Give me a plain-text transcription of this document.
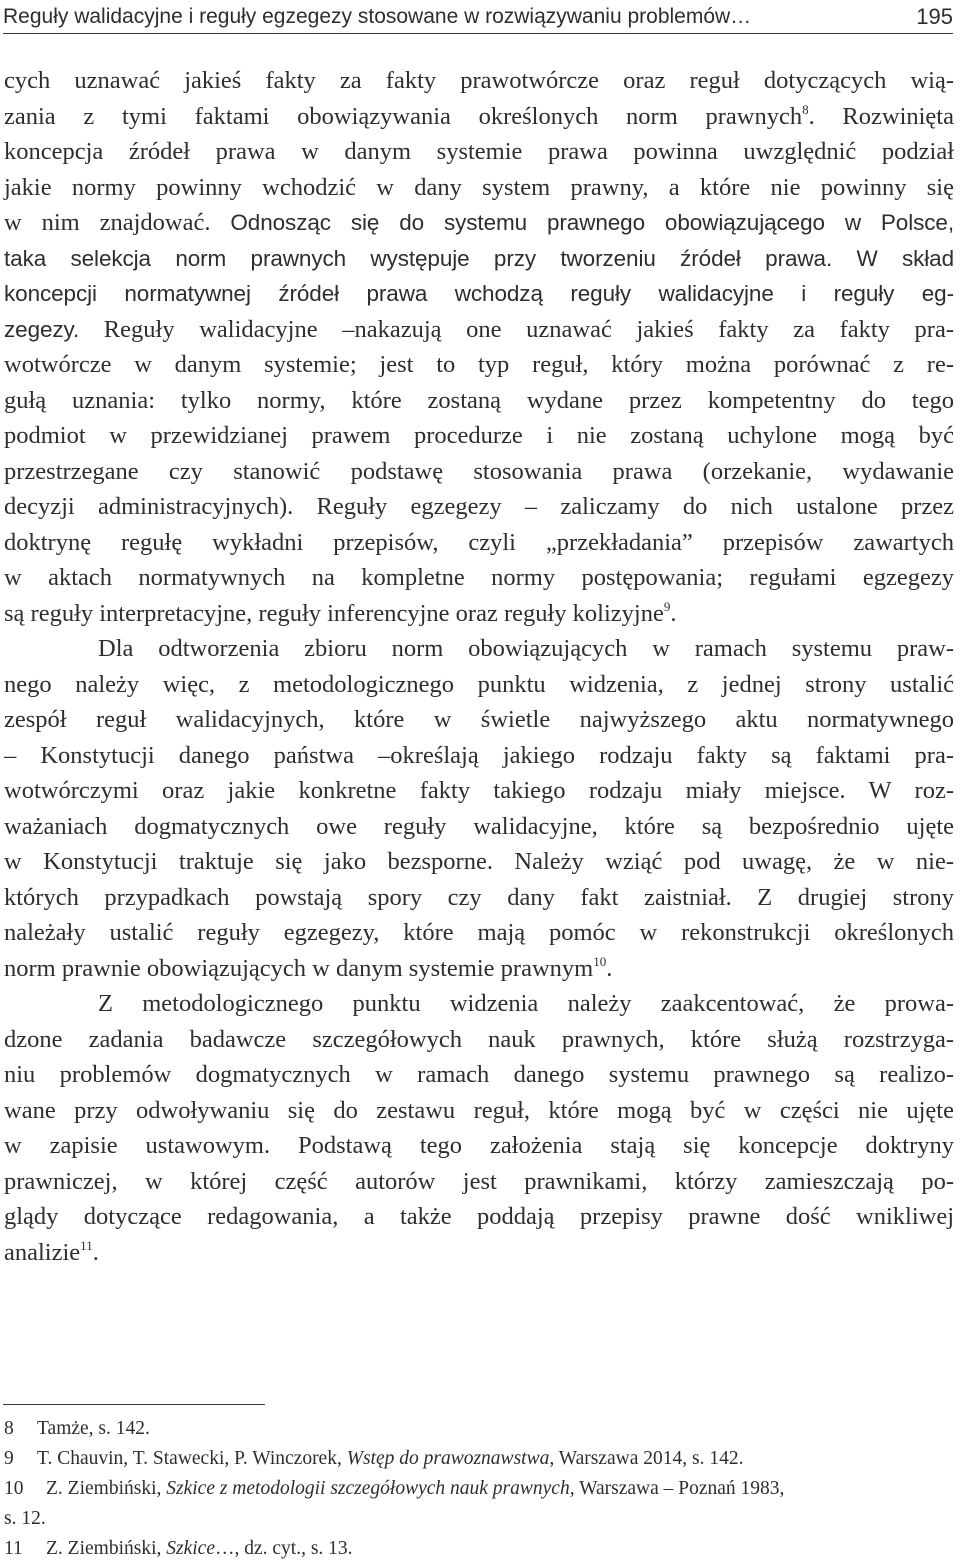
Reguły walidacyjne i reguły egzegezy stosowane w rozwiązywaniu problemów…	195

cych uznawać jakieś fakty za fakty prawotwórcze oraz reguł dotyczących wią-
zania z tymi faktami obowiązywania określonych norm prawnych$^8$. Rozwinięta
koncepcja źródeł prawa w danym systemie prawa powinna uwzględnić podział
jakie normy powinny wchodzić w dany system prawny, a które nie powinny się
w nim znajdować. Odnosząc się do systemu prawnego obowiązującego w Polsce,
taka selekcja norm prawnych występuje przy tworzeniu źródeł prawa. W skład
koncepcji normatywnej źródeł prawa wchodzą reguły walidacyjne i reguły eg-
zegezy. Reguły walidacyjne –nakazują one uznawać jakieś fakty za fakty pra-
wotwórcze w danym systemie; jest to typ reguł, który można porównać z re-
gułą uznania: tylko normy, które zostaną wydane przez kompetentny do tego
podmiot w przewidzianej prawem procedurze i nie zostaną uchylone mogą być
przestrzegane czy stanowić podstawę stosowania prawa (orzekanie, wydawanie
decyzji administracyjnych). Reguły egzegezy – zaliczamy do nich ustalone przez
doktrynę regułę wykładni przepisów, czyli „przekładania” przepisów zawartych
w aktach normatywnych na kompletne normy postępowania; regułami egzegezy
są reguły interpretacyjne, reguły inferencyjne oraz reguły kolizyjne$^9$.

Dla odtworzenia zbioru norm obowiązujących w ramach systemu praw-
nego należy więc, z metodologicznego punktu widzenia, z jednej strony ustalić
zespół reguł walidacyjnych, które w świetle najwyższego aktu normatywnego
– Konstytucji danego państwa –określają jakiego rodzaju fakty są faktami pra-
wotwórczymi oraz jakie konkretne fakty takiego rodzaju miały miejsce. W roz-
ważaniach dogmatycznych owe reguły walidacyjne, które są bezpośrednio ujęte
w Konstytucji traktuje się jako bezsporne. Należy wziąć pod uwagę, że w nie-
których przypadkach powstają spory czy dany fakt zaistniał. Z drugiej strony
należały ustalić reguły egzegezy, które mają pomóc w rekonstrukcji określonych
norm prawnie obowiązujących w danym systemie prawnym$^{10}$.

Z metodologicznego punktu widzenia należy zaakcentować, że prowa-
dzone zadania badawcze szczegółowych nauk prawnych, które służą rozstrzyga-
niu problemów dogmatycznych w ramach danego systemu prawnego są realizo-
wane przy odwoływaniu się do zestawu reguł, które mogą być w części nie ujęte
w zapisie ustawowym. Podstawą tego założenia stają się koncepcje doktryny
prawniczej, w której część autorów jest prawnikami, którzy zamieszczają po-
glądy dotyczące redagowania, a także poddają przepisy prawne dość wnikliwej
analizie$^{11}$.

8 Tamże, s. 142.
9 T. Chauvin, T. Stawecki, P. Winczorek, Wstęp do prawoznawstwa, Warszawa 2014, s. 142.
10 Z. Ziembiński, Szkice z metodologii szczegółowych nauk prawnych, Warszawa – Poznań 1983,
s. 12.
11 Z. Ziembiński, Szkice…, dz. cyt., s. 13.
